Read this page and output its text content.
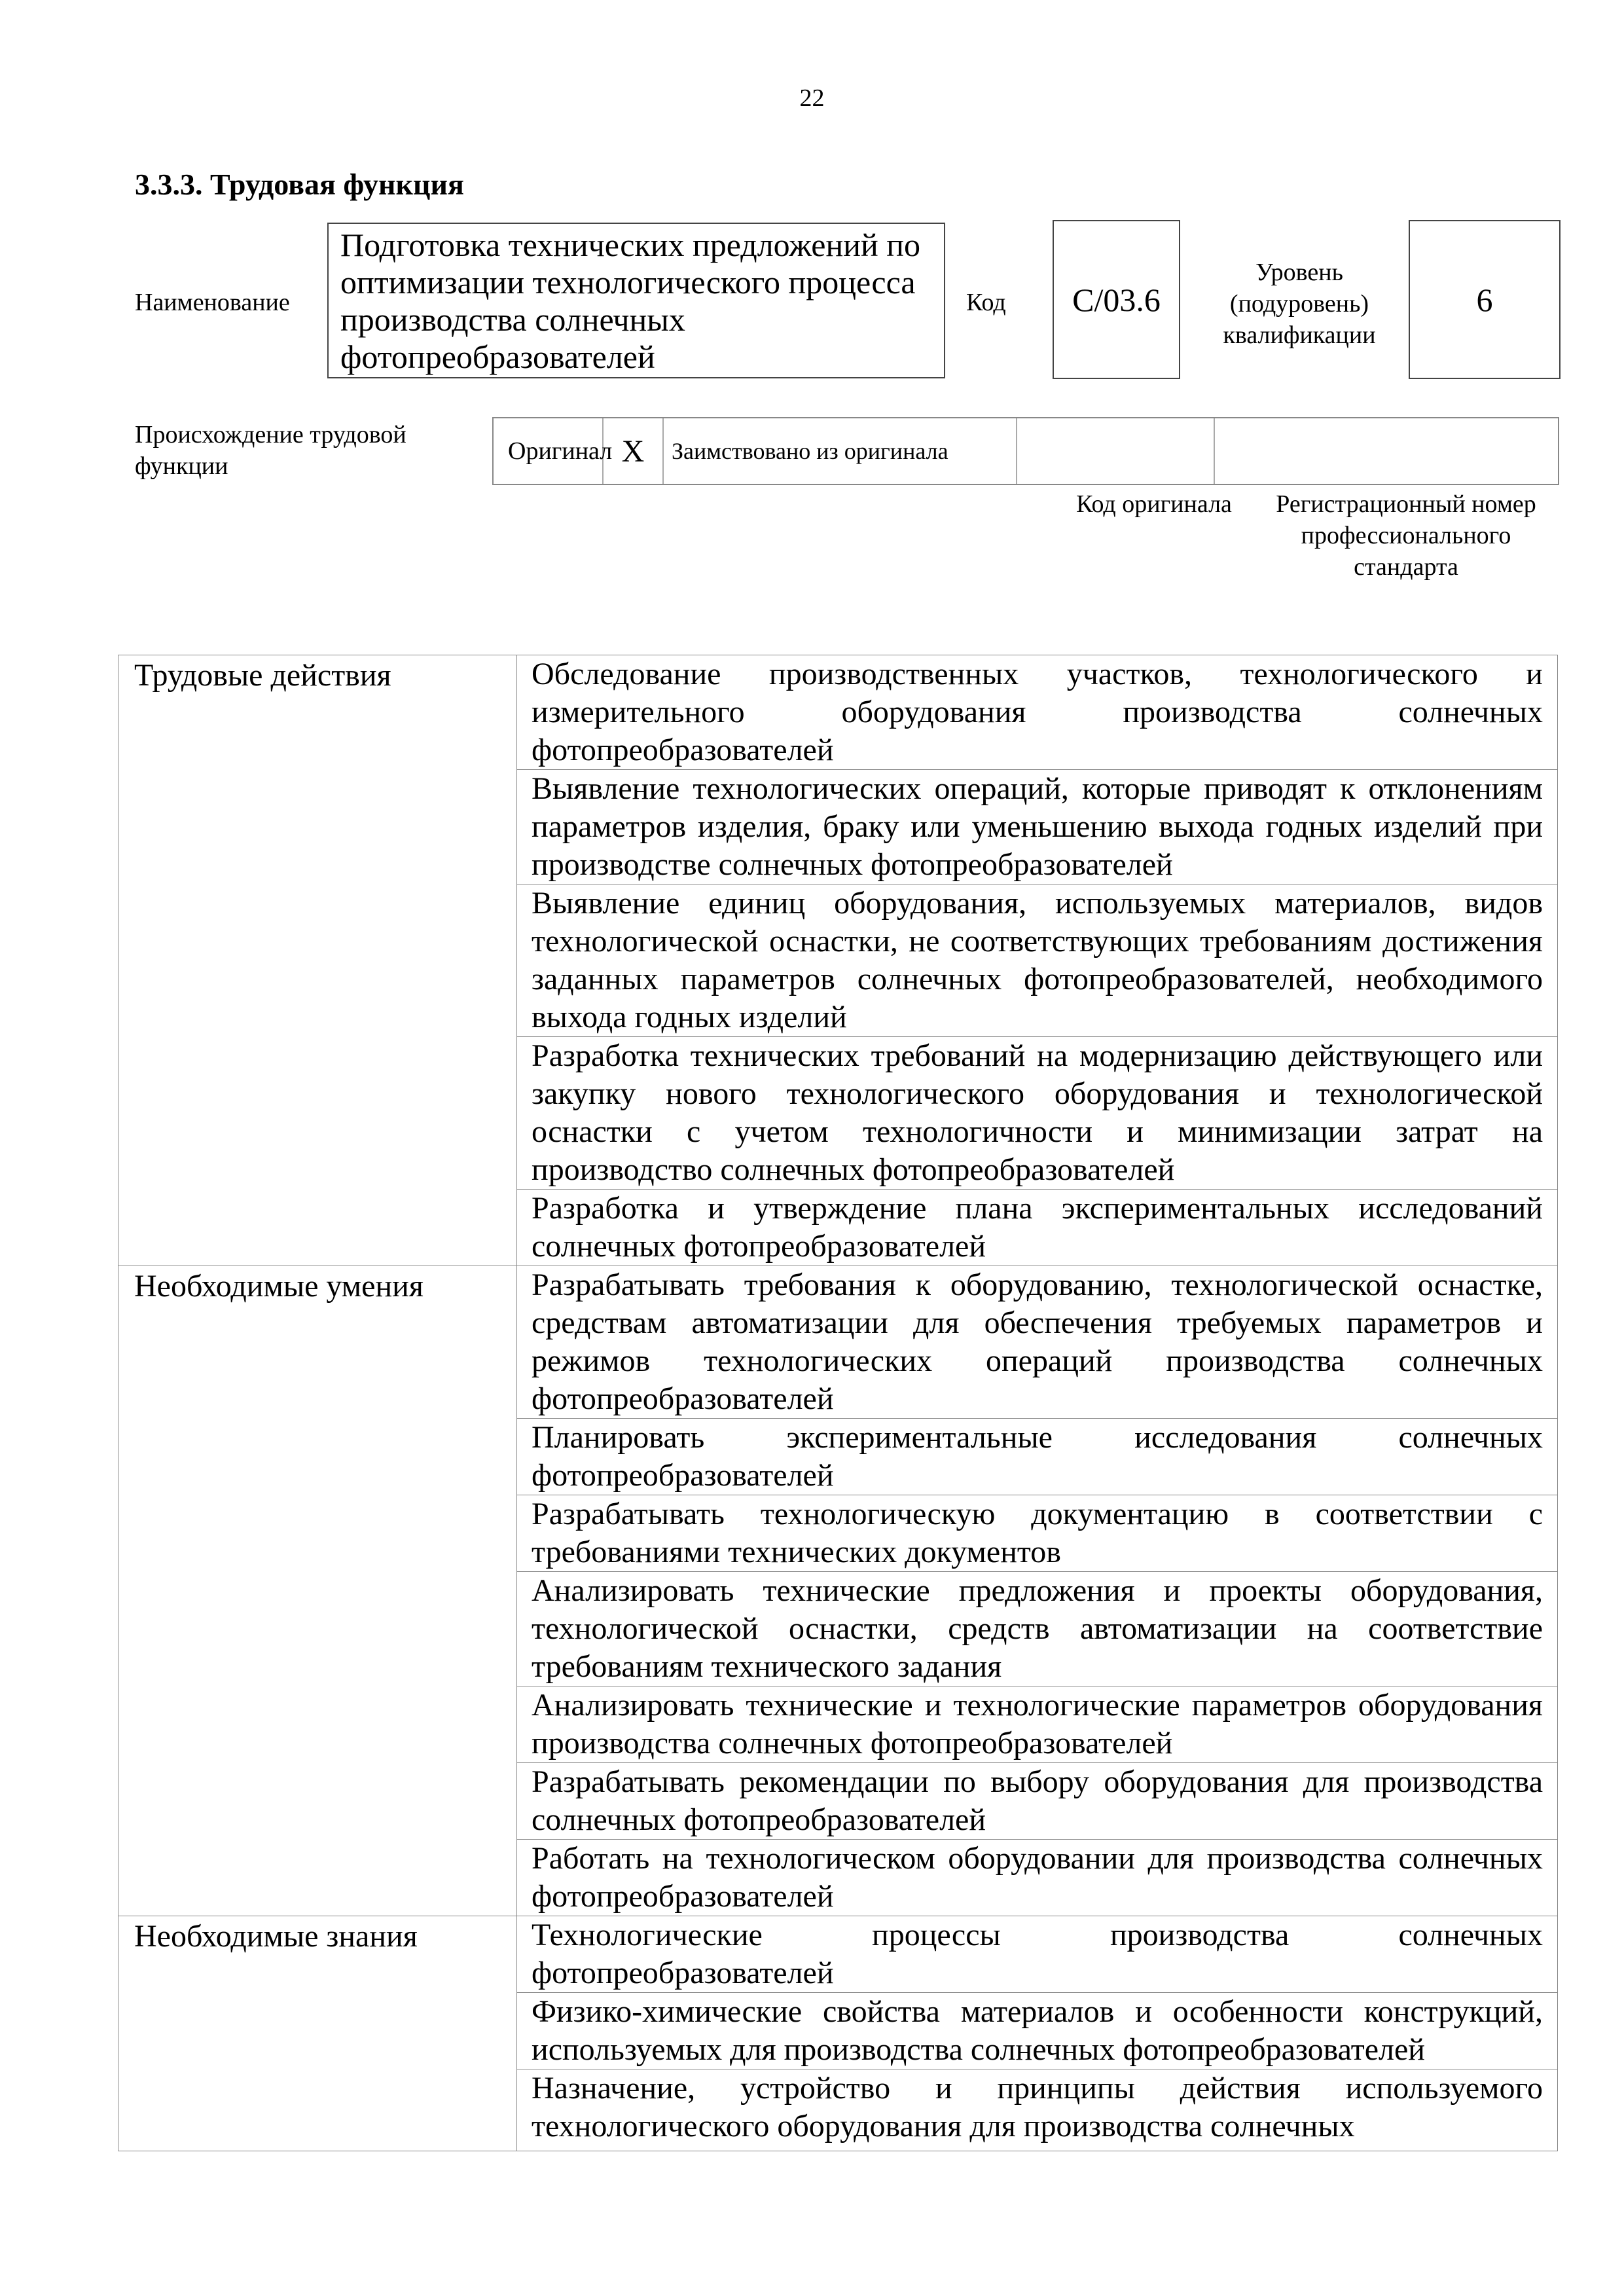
22
3.3.3. Трудовая функция
Наименование
Подготовка технических предложений по оптимизации технологического процесса производства солнечных фотопреобразователей
Код C/03.6
Уровень (подуровень) квалификации
6
Происхождение трудовой функции
Оригинал X	Заимствовано из оригинала
Код оригинала	Регистрационный номер профессионального стандарта
Трудовые действия	Обследование производственных участков, технологического и измерительного оборудования производства солнечных фотопреобразователей
	Выявление технологических операций, которые приводят к отклонениям параметров изделия, браку или уменьшению выхода годных изделий при производстве солнечных фотопреобразователей
	Выявление единиц оборудования, используемых материалов, видов технологической оснастки, не соответствующих требованиям достижения заданных параметров солнечных фотопреобразователей, необходимого выхода годных изделий
	Разработка технических требований на модернизацию действующего или закупку нового технологического оборудования и технологической оснастки с учетом технологичности и минимизации затрат на производство солнечных фотопреобразователей
	Разработка и утверждение плана экспериментальных исследований солнечных фотопреобразователей
Необходимые умения	Разрабатывать требования к оборудованию, технологической оснастке, средствам автоматизации для обеспечения требуемых параметров и режимов технологических операций производства солнечных фотопреобразователей
	Планировать экспериментальные исследования солнечных фотопреобразователей
	Разрабатывать технологическую документацию в соответствии с требованиями технических документов
	Анализировать технические предложения и проекты оборудования, технологической оснастки, средств автоматизации на соответствие требованиям технического задания
	Анализировать технические и технологические параметров оборудования производства солнечных фотопреобразователей
	Разрабатывать рекомендации по выбору оборудования для производства солнечных фотопреобразователей
	Работать на технологическом оборудовании для производства солнечных фотопреобразователей
Необходимые знания	Технологические процессы производства солнечных фотопреобразователей
	Физико-химические свойства материалов и особенности конструкций, используемых для производства солнечных фотопреобразователей
	Назначение, устройство и принципы действия используемого технологического оборудования для производства солнечных
